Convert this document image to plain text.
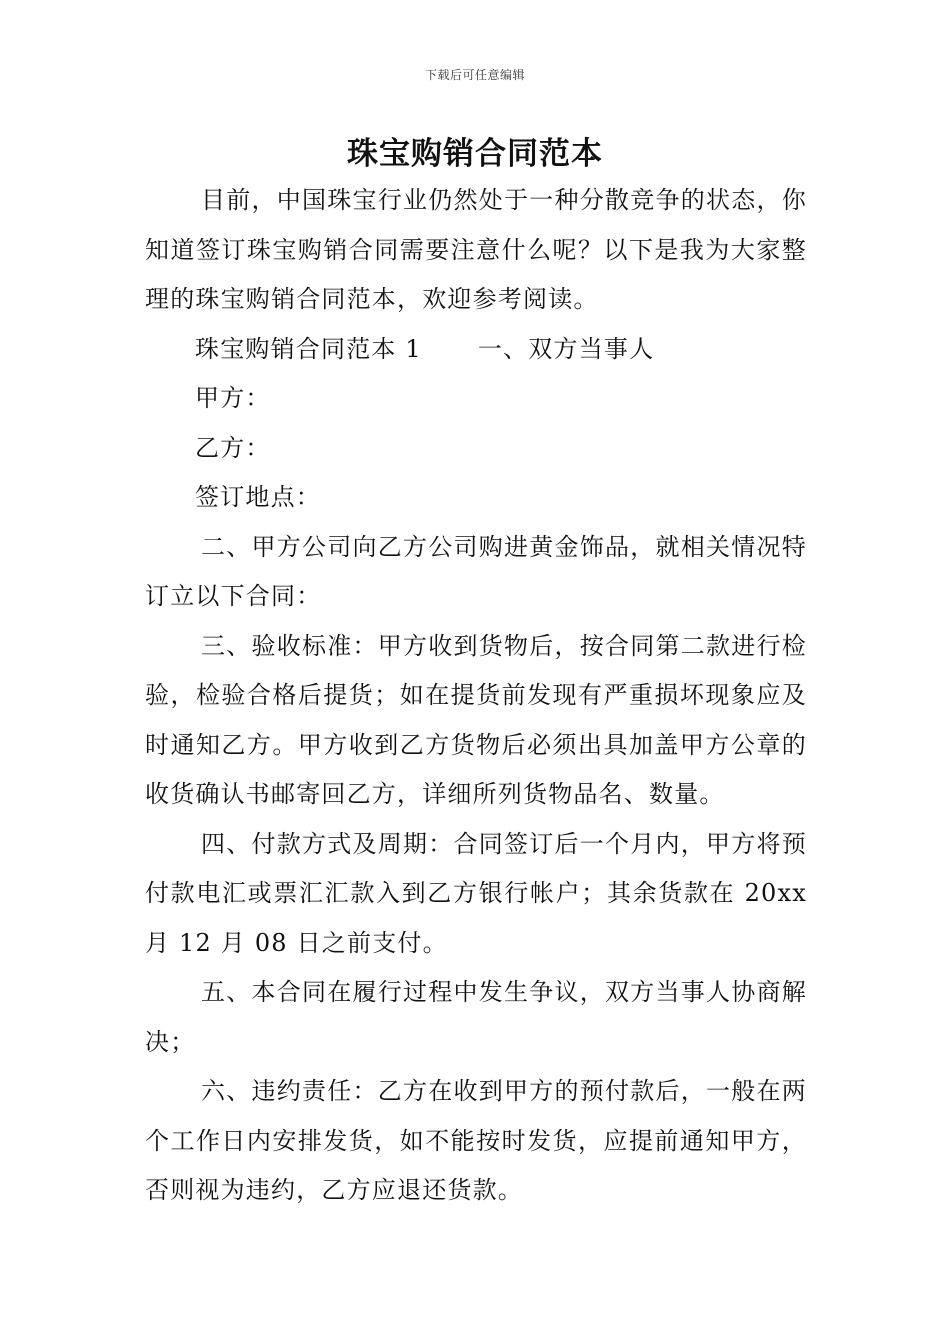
下载后可任意编辑
珠宝购销合同范本

目前，中国珠宝行业仍然处于一种分散竞争的状态，你知道签订珠宝购销合同需要注意什么呢？以下是我为大家整理的珠宝购销合同范本，欢迎参考阅读。

珠宝购销合同范本 1 一、双方当事人

甲方：

乙方：

签订地点：

二、甲方公司向乙方公司购进黄金饰品，就相关情况特订立以下合同：

三、验收标准：甲方收到货物后，按合同第二款进行检验，检验合格后提货；如在提货前发现有严重损坏现象应及时通知乙方。甲方收到乙方货物后必须出具加盖甲方公章的收货确认书邮寄回乙方，详细所列货物品名、数量。

四、付款方式及周期：合同签订后一个月内，甲方将预付款电汇或票汇汇款入到乙方银行帐户；其余货款在 20xx 月 12 月 08 日之前支付。

五、本合同在履行过程中发生争议，双方当事人协商解决；

六、违约责任：乙方在收到甲方的预付款后，一般在两个工作日内安排发货，如不能按时发货，应提前通知甲方，否则视为违约，乙方应退还货款。
